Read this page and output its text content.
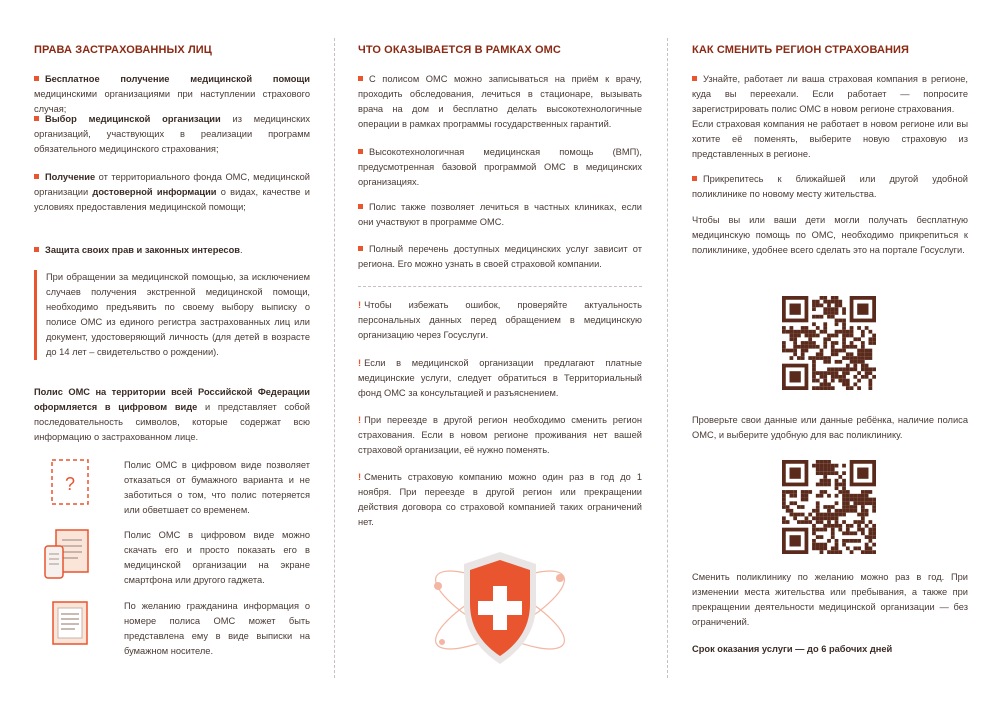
ПРАВА ЗАСТРАХОВАННЫХ ЛИЦ

Бесплатное получение медицинской помощи медицинскими организациями при наступлении страхового случая;

Выбор медицинской организации из медицинских организаций, участвующих в реализации программ обязательного медицинского страхования;

Получение от территориального фонда ОМС, медицинской организации достоверной информации о видах, качестве и условиях предоставления медицинской помощи;

Защита своих прав и законных интересов.

При обращении за медицинской помощью, за исключением случаев получения экстренной медицинской помощи, необходимо предъявить по своему выбору выписку о полисе ОМС из единого регистра застрахованных лиц или документ, удостоверяющий личность (для детей в возрасте до 14 лет – свидетельство о рождении).

Полис ОМС на территории всей Российской Федерации оформляется в цифровом виде и представляет собой последовательность символов, которые содержат всю информацию о застрахованном лице.

?

Полис ОМС в цифровом виде позволяет отказаться от бумажного варианта и не заботиться о том, что полис потеряется или обветшает со временем.

Полис ОМС в цифровом виде можно скачать его и просто показать его в медицинской организации на экране смартфона или другого гаджета.

По желанию гражданина информация о номере полиса ОМС может быть представлена ему в виде выписки на бумажном носителе.

ЧТО ОКАЗЫВАЕТСЯ В РАМКАХ ОМС

С полисом ОМС можно записываться на приём к врачу, проходить обследования, лечиться в стационаре, вызывать врача на дом и бесплатно делать высокотехнологичные операции в рамках программы государственных гарантий.

Высокотехнологичная медицинская помощь (ВМП), предусмотренная базовой программой ОМС в медицинских организациях.

Полис также позволяет лечиться в частных клиниках, если они участвуют в программе ОМС.

Полный перечень доступных медицинских услуг зависит от региона. Его можно узнать в своей страховой компании.

! Чтобы избежать ошибок, проверяйте актуальность персональных данных перед обращением в медицинскую организацию через Госуслуги.

! Если в медицинской организации предлагают платные медицинские услуги, следует обратиться в Территориальный фонд ОМС за консультацией и разъяснением.

! При переезде в другой регион необходимо сменить регион страхования. Если в новом регионе проживания нет вашей страховой организации, её нужно поменять.

! Сменить страховую компанию можно один раз в год до 1 ноября. При переезде в другой регион или прекращении действия договора со страховой компанией таких ограничений нет.

КАК СМЕНИТЬ РЕГИОН СТРАХОВАНИЯ

Узнайте, работает ли ваша страховая компания в регионе, куда вы переехали. Если работает — попросите зарегистрировать полис ОМС в новом регионе страхования.

Если страховая компания не работает в новом регионе или вы хотите её поменять, выберите новую страховую из представленных в регионе.

Прикрепитесь к ближайшей или другой удобной поликлинике по новому месту жительства.

Чтобы вы или ваши дети могли получать бесплатную медицинскую помощь по ОМС, необходимо прикрепиться к поликлинике, удобнее всего сделать это на портале Госуслуги.

Проверьте свои данные или данные ребёнка, наличие полиса ОМС, и выберите удобную для вас поликлинику.

Сменить поликлинику по желанию можно раз в год. При изменении места жительства или пребывания, а также при прекращении деятельности медицинской организации — без ограничений.

Срок оказания услуги — до 6 рабочих дней
